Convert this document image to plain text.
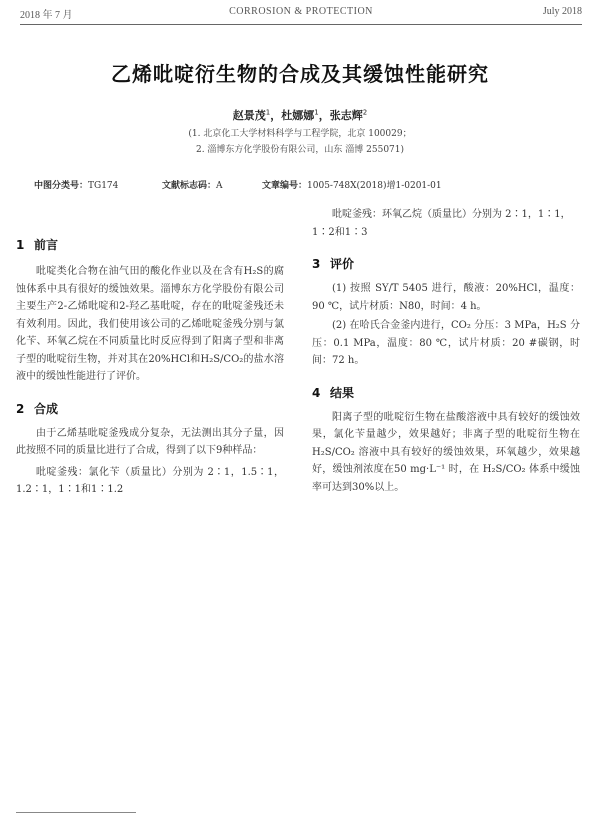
2018 年 7 月	CORROSION & PROTECTION	July 2018
乙烯吡啶衍生物的合成及其缓蚀性能研究
赵景茂$^1$，杜娜娜$^1$，张志辉$^2$
(1. 北京化工大学材料科学与工程学院，北京 100029；
2. 淄博东方化学股份有限公司，山东 淄博 255071)
中图分类号：TG174	文献标志码：A	文章编号：1005-748X(2018)增1-0201-01
1 前言

吡啶类化合物在油气田的酸化作业以及在含有H₂S的腐蚀体系中具有很好的缓蚀效果。淄博东方化学股份有限公司主要生产2-乙烯吡啶和2-羟乙基吡啶，存在的吡啶釜残还未有效利用。因此，我们使用该公司的乙烯吡啶釜残分别与氯化苄、环氧乙烷在不同质量比时反应得到了阳离子型和非离子型的吡啶衍生物，并对其在20%HCl和H₂S/CO₂的盐水溶液中的缓蚀性能进行了评价。

2 合成

由于乙烯基吡啶釜残成分复杂，无法测出其分子量，因此按照不同的质量比进行了合成，得到了以下9种样品：

吡啶釜残：氯化苄（质量比）分别为 2∶1，1.5∶1，1.2∶1，1∶1和1∶1.2

吡啶釜残：环氧乙烷（质量比）分别为 2∶1，1∶1，

1∶2和1∶3

3 评价

(1) 按照 SY/T 5405 进行，酸液：20%HCl，温度：90 ℃，试片材质：N80，时间：4 h。

(2) 在哈氏合金釜内进行，CO₂ 分压：3 MPa，H₂S 分压：0.1 MPa，温度：80 ℃，试片材质：20 #碳钢，时间：72 h。

4 结果

阳离子型的吡啶衍生物在盐酸溶液中具有较好的缓蚀效果，氯化苄量越少，效果越好；非离子型的吡啶衍生物在 H₂S/CO₂ 溶液中具有较好的缓蚀效果，环氧越少，效果越好，缓蚀剂浓度在50 mg·L⁻¹ 时，在 H₂S/CO₂ 体系中缓蚀率可达到30%以上。
